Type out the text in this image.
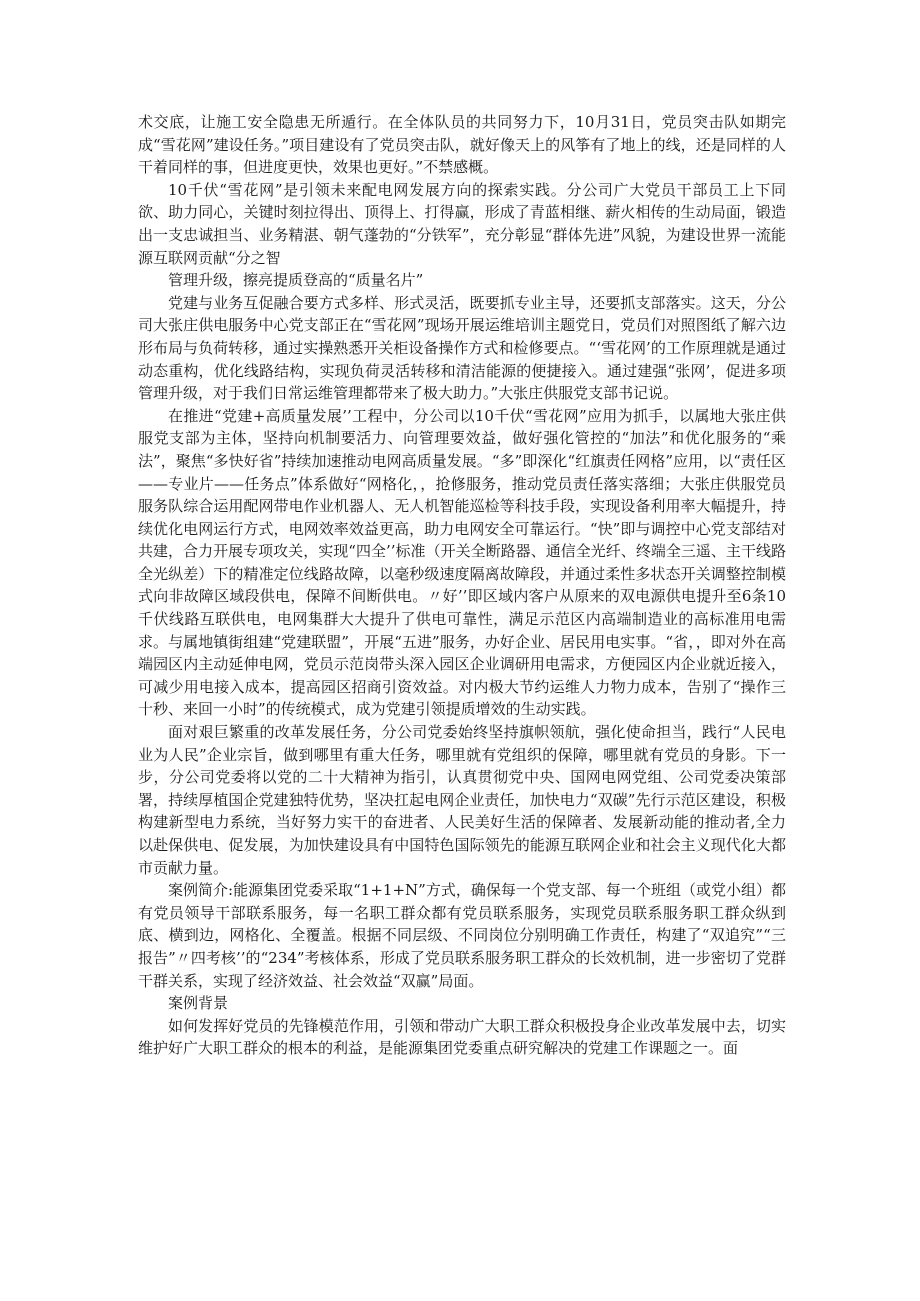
术交底，让施工安全隐患无所遁行。在全体队员的共同努力下，10月31日，党员突击队如期完成“雪花网”建设任务。”项目建设有了党员突击队，就好像天上的风筝有了地上的线，还是同样的人干着同样的事，但进度更快，效果也更好。”不禁感概。

10千伏“雪花网”是引领未来配电网发展方向的探索实践。分公司广大党员干部员工上下同欲、助力同心，关键时刻拉得出、顶得上、打得赢，形成了青蓝相继、薪火相传的生动局面，锻造出一支忠诚担当、业务精湛、朝气蓬勃的“分铁军”，充分彰显“群体先进”风貌，为建设世界一流能源互联网贡献“分之智

管理升级，擦亮提质登高的“质量名片”

党建与业务互促融合要方式多样、形式灵活，既要抓专业主导，还要抓支部落实。这天，分公司大张庄供电服务中心党支部正在“雪花网”现场开展运维培训主题党日，党员们对照图纸了解六边形布局与负荷转移，通过实操熟悉开关柜设备操作方式和检修要点。“‘雪花网’的工作原理就是通过动态重构，优化线路结构，实现负荷灵活转移和清洁能源的便捷接入。通过建强“张网’，促进多项管理升级，对于我们日常运维管理都带来了极大助力。”大张庄供服党支部书记说。

在推进“党建+高质量发展’’工程中，分公司以10千伏“雪花网”应用为抓手，以属地大张庄供服党支部为主体，坚持向机制要活力、向管理要效益，做好强化管控的“加法”和优化服务的“乘法”，聚焦“多快好省”持续加速推动电网高质量发展。“多”即深化“红旗责任网格”应用，以“责任区——专业片——任务点”体系做好“网格化，，抢修服务，推动党员责任落实落细；大张庄供服党员服务队综合运用配网带电作业机器人、无人机智能巡检等科技手段，实现设备利用率大幅提升，持续优化电网运行方式，电网效率效益更高，助力电网安全可靠运行。“快”即与调控中心党支部结对共建，合力开展专项攻关，实现“四全’’标准（开关全断路器、通信全光纤、终端全三遥、主干线路全光纵差）下的精准定位线路故障，以毫秒级速度隔离故障段，并通过柔性多状态开关调整控制模式向非故障区域段供电，保障不间断供电。〃好’’即区域内客户从原来的双电源供电提升至6条10千伏线路互联供电，电网集群大大提升了供电可靠性，满足示范区内高端制造业的高标准用电需求。与属地镇街组建“党建联盟”，开展“五进”服务，办好企业、居民用电实事。“省，，即对外在高端园区内主动延伸电网，党员示范岗带头深入园区企业调研用电需求，方便园区内企业就近接入，可减少用电接入成本，提高园区招商引资效益。对内极大节约运维人力物力成本，告别了“操作三十秒、来回一小时”的传统模式，成为党建引领提质增效的生动实践。

面对艰巨繁重的改革发展任务，分公司党委始终坚持旗帜领航，强化使命担当，践行“人民电业为人民”企业宗旨，做到哪里有重大任务，哪里就有党组织的保障，哪里就有党员的身影。下一步，分公司党委将以党的二十大精神为指引，认真贯彻党中央、国网电网党组、公司党委决策部署，持续厚植国企党建独特优势，坚决扛起电网企业责任，加快电力“双碳”先行示范区建设，积极构建新型电力系统，当好努力实干的奋进者、人民美好生活的保障者、发展新动能的推动者,全力以赴保供电、促发展，为加快建设具有中国特色国际领先的能源互联网企业和社会主义现代化大都市贡献力量。

案例简介:能源集团党委采取“1+1+N”方式，确保每一个党支部、每一个班组（或党小组）都有党员领导干部联系服务，每一名职工群众都有党员联系服务，实现党员联系服务职工群众纵到底、横到边，网格化、全覆盖。根据不同层级、不同岗位分别明确工作责任，构建了“双追究”“三报告”〃四考核’’的“234”考核体系，形成了党员联系服务职工群众的长效机制，进一步密切了党群干群关系，实现了经济效益、社会效益“双赢”局面。

案例背景

如何发挥好党员的先锋模范作用，引领和带动广大职工群众积极投身企业改革发展中去，切实维护好广大职工群众的根本的利益，是能源集团党委重点研究解决的党建工作课题之一。面
